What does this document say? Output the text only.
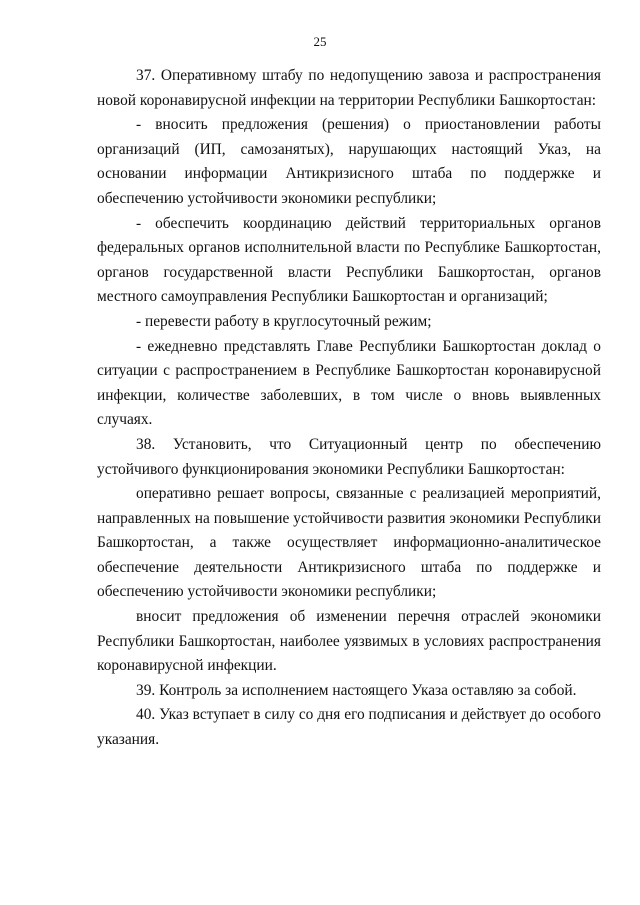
25

37. Оперативному штабу по недопущению завоза и распространения новой коронавирусной инфекции на территории Республики Башкортостан:

- вносить предложения (решения) о приостановлении работы организаций (ИП, самозанятых), нарушающих настоящий Указ, на основании информации Антикризисного штаба по поддержке и обеспечению устойчивости экономики республики;

- обеспечить координацию действий территориальных органов федеральных органов исполнительной власти по Республике Башкортостан, органов государственной власти Республики Башкортостан, органов местного самоуправления Республики Башкортостан и организаций;

- перевести работу в круглосуточный режим;

- ежедневно представлять Главе Республики Башкортостан доклад о ситуации с распространением в Республике Башкортостан коронавирусной инфекции, количестве заболевших, в том числе о вновь выявленных случаях.

38. Установить, что Ситуационный центр по обеспечению устойчивого функционирования экономики Республики Башкортостан:

оперативно решает вопросы, связанные с реализацией мероприятий, направленных на повышение устойчивости развития экономики Республики Башкортостан, а также осуществляет информационно-аналитическое обеспечение деятельности Антикризисного штаба по поддержке и обеспечению устойчивости экономики республики;

вносит предложения об изменении перечня отраслей экономики Республики Башкортостан, наиболее уязвимых в условиях распространения коронавирусной инфекции.

39. Контроль за исполнением настоящего Указа оставляю за собой.

40. Указ вступает в силу со дня его подписания и действует до особого указания.
